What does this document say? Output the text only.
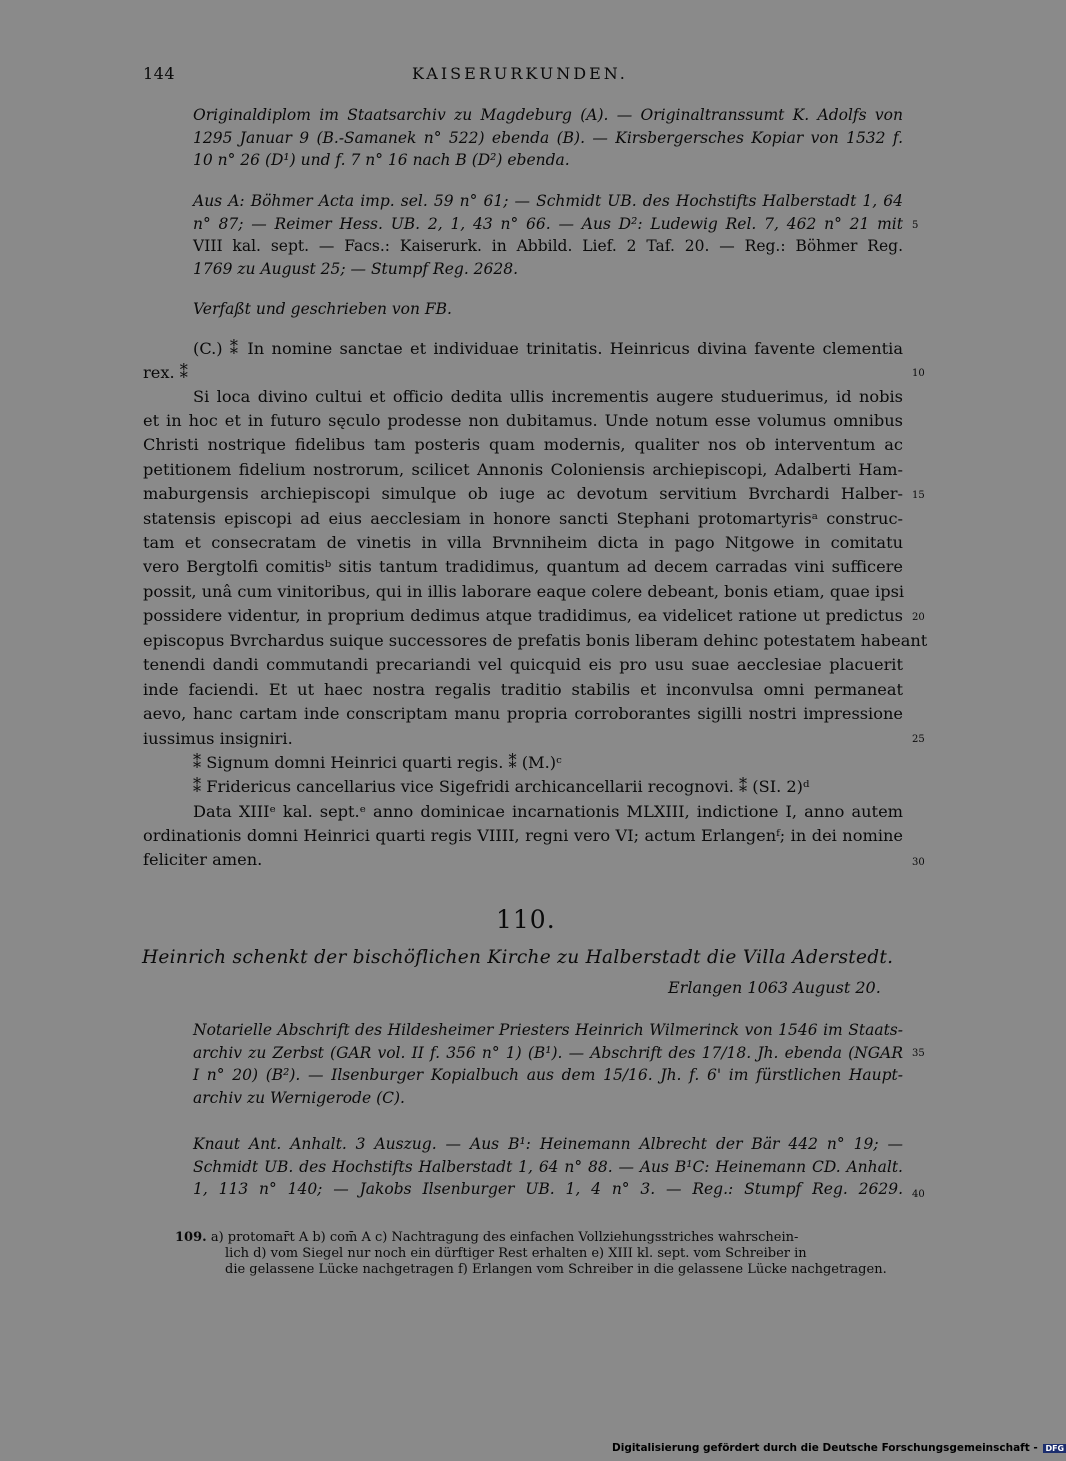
144	KAISERURKUNDEN.
Originaldiplom im Staatsarchiv zu Magdeburg (A). — Originaltranssumt K. Adolfs von
1295 Januar 9 (B.-Samanek n° 522) ebenda (B). — Kirsbergersches Kopiar von 1532 f.
10 n° 26 (D¹) und f. 7 n° 16 nach B (D²) ebenda.
Aus A: Böhmer Acta imp. sel. 59 n° 61; — Schmidt UB. des Hochstifts Halberstadt 1, 64
n° 87; — Reimer Hess. UB. 2, 1, 43 n° 66. — Aus D²: Ludewig Rel. 7, 462 n° 21 mit
VIII kal. sept. — Facs.: Kaiserurk. in Abbild. Lief. 2 Taf. 20. — Reg.: Böhmer Reg.
1769 zu August 25; — Stumpf Reg. 2628.
Verfaßt und geschrieben von FB.
(C.) ⁑ In nomine sanctae et individuae trinitatis. Heinricus divina favente clementia
rex. ⁑
Si loca divino cultui et officio dedita ullis incrementis augere studuerimus, id nobis
et in hoc et in futuro sęculo prodesse non dubitamus. Unde notum esse volumus omnibus
Christi nostrique fidelibus tam posteris quam modernis, qualiter nos ob interventum ac
petitionem fidelium nostrorum, scilicet Annonis Coloniensis archiepiscopi, Adalberti Ham-
maburgensis archiepiscopi simulque ob iuge ac devotum servitium Bvrchardi Halber-
statensis episcopi ad eius aecclesiam in honore sancti Stephani protomartyrisᵃ construc-
tam et consecratam de vinetis in villa Brvnniheim dicta in pago Nitgowe in comitatu
vero Bergtolfi comitisᵇ sitis tantum tradidimus, quantum ad decem carradas vini sufficere
possit, unâ cum vinitoribus, qui in illis laborare eaque colere debeant, bonis etiam, quae ipsi
possidere videntur, in proprium dedimus atque tradidimus, ea videlicet ratione ut predictus
episcopus Bvrchardus suique successores de prefatis bonis liberam dehinc potestatem habeant
tenendi dandi commutandi precariandi vel quicquid eis pro usu suae aecclesiae placuerit
inde faciendi. Et ut haec nostra regalis traditio stabilis et inconvulsa omni permaneat
aevo, hanc cartam inde conscriptam manu propria corroborantes sigilli nostri impressione
iussimus insigniri.
⁑ Signum domni Heinrici quarti regis. ⁑ (M.)ᶜ
⁑ Fridericus cancellarius vice Sigefridi archicancellarii recognovi. ⁑ (SI. 2)ᵈ
Data XIIIᵉ kal. sept.ᵉ anno dominicae incarnationis MLXIII, indictione I, anno autem
ordinationis domni Heinrici quarti regis VIIII, regni vero VI; actum Erlangenᶠ; in dei nomine
feliciter amen.
5
10
15
20
25
30
35
40
110.
Heinrich schenkt der bischöflichen Kirche zu Halberstadt die Villa Aderstedt.
Erlangen 1063 August 20.
Notarielle Abschrift des Hildesheimer Priesters Heinrich Wilmerinck von 1546 im Staats-
archiv zu Zerbst (GAR vol. II f. 356 n° 1) (B¹). — Abschrift des 17/18. Jh. ebenda (NGAR
I n° 20) (B²). — Ilsenburger Kopialbuch aus dem 15/16. Jh. f. 6' im fürstlichen Haupt-
archiv zu Wernigerode (C).
Knaut Ant. Anhalt. 3 Auszug. — Aus B¹: Heinemann Albrecht der Bär 442 n° 19; —
Schmidt UB. des Hochstifts Halberstadt 1, 64 n° 88. — Aus B¹C: Heinemann CD. Anhalt.
1, 113 n° 140; — Jakobs Ilsenburger UB. 1, 4 n° 3. — Reg.: Stumpf Reg. 2629.
109. a) protomar̄t A b) com̄ A c) Nachtragung des einfachen Vollziehungsstriches wahrschein-
lich d) vom Siegel nur noch ein dürftiger Rest erhalten e) XIII kl. sept. vom Schreiber in
die gelassene Lücke nachgetragen f) Erlangen vom Schreiber in die gelassene Lücke nachgetragen.
Digitalisierung gefördert durch die Deutsche Forschungsgemeinschaft - DFG
